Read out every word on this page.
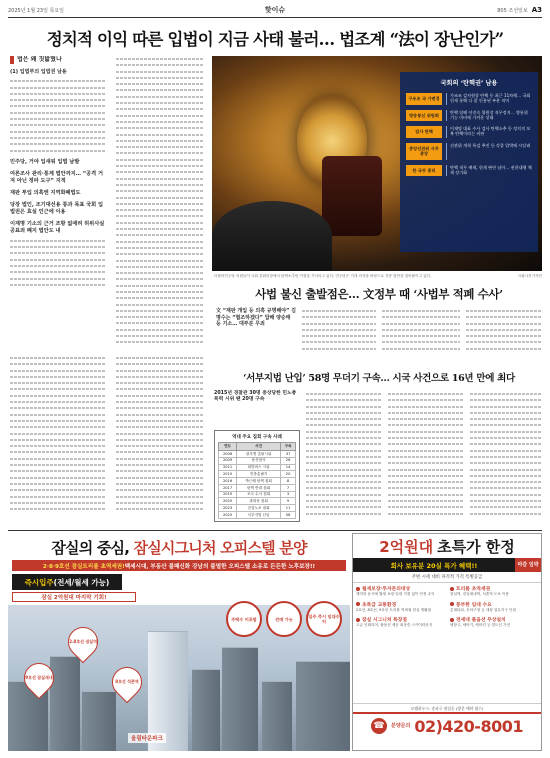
2025년 1월 23일 목요일	핫이슈	805 조선일보 A3
정치적 이익 따른 입법이 지금 사태 불러… 법조계 “法이 장난인가”
법은 왜 짓밟혔나
(1) 입법부의 입법권 남용
민주당, 거야 입새워 입법 남발
여론조사 관리·통계 법안까지… “공격 거져 아닌 정파 도구” 지적
재판 투입 의혹엔 지역화폐법도
당장 법인, 조기대선용 통과 목표 국회 입법권은 효실 인근에 이용
이재명 기소의 근거 조항 없애려 허위사실 공표죄 폐지 법안도 내
국회의 ‘탄핵권’ 남용
구조조 국 가변경
가조조 감사원장 탄핵 등 최근 11차례… 국회 헌재 통해 다 잘 인용된 부분 적어
방송통신 위원회
탄핵 당해 이진숙 위원장 직무정지… 방통위 기능 마비에 가까운 상태
검사 탄핵
이재명 대표 수사 검사 탄핵소추 등 정치적 보복 탄핵이라는 비판
중앙선관위 사무총장
선관위 개혁 특검 추진 등 각종 압박에 시달려
한 국무 총리
탄핵 직무 배제, 헌재 판단 남아… 권한대행 체제 장기화
더불어민주당 의원들이 국회 본회의장에서 탄핵소추안 가결을 기다리고 있다. 민주당은 거대 의석을 바탕으로 각종 법안을 밀어붙이고 있다.	국회사진기자단
사법 불신 출발점은… 文정부 때 ‘사법부 적폐 수사’
文 “재판 개입 등 의혹 규명해야” 김명수는 “협조하겠다” 답해 양승태 등 기소… 대부분 무죄
‘서부지법 난입’ 58명 무더기 구속… 시국 사건으로 16년 만에 최다
2015년 경찰관 30명 중상당한 민노총 폭력 시위 땐 20명 구속
역대 주요 집회 구속 사례
연도	사건	구속
2008	광우병 촛불시위	37
2009	용산참사	26
2011	희망버스 시위	14
2015	민중총궐기	20
2016	박근혜 탄핵 집회	8
2017	탄핵 반대 집회	7
2019	조국 수사 집회	3
2020	광화문 집회	9
2023	건설노조 집회	11
2025	서부지법 난입	58
잠실의 중심, 잠실시그니처 오피스텔 분양
2·8·9호선 잠실트리플 초역세권! 백세시대, 부동산 불패신화 강남의 불멸한 오피스텔 소유로 든든한 노후보장!!
즉시입주 (전세/월세 가능)
잠실 2억원대 마지막 기회!
2.8호선 잠실역
9호선 잠실새내
8호선 석촌역
주택수 미포함	전매 가능	입주 즉시 임대수익
울림타운파크
2억원대 초특가 한정
회사 보유분 20실 특가 혜택!!	마감 임박
주변 시세 대비 파격적 가격 특별공급
월세보장·투자문의대상
계약과 동시에 월세 보장 임대 걱정 없이 안정 수익
초특급 교통환경
2호선, 8호선, 9호선 트리플 역세권 잠실 생활권
잠실 시그니처 특장점
고급 인테리어, 풀옵션 제공 최상층 스카이라운지
트리플 초역세권
잠실역, 잠실새내역, 석촌역 도보 이용
풍부한 임대 수요
롯데타워, 송파구청 등 대형 업무지구 인접
전세대 풀옵션 무상설치
냉장고, 세탁기, 에어컨 등 빌트인 가전
모델하우스: 송파구 잠실동 (방문 예약 필수)
☎	분양문의 02)420-8001
